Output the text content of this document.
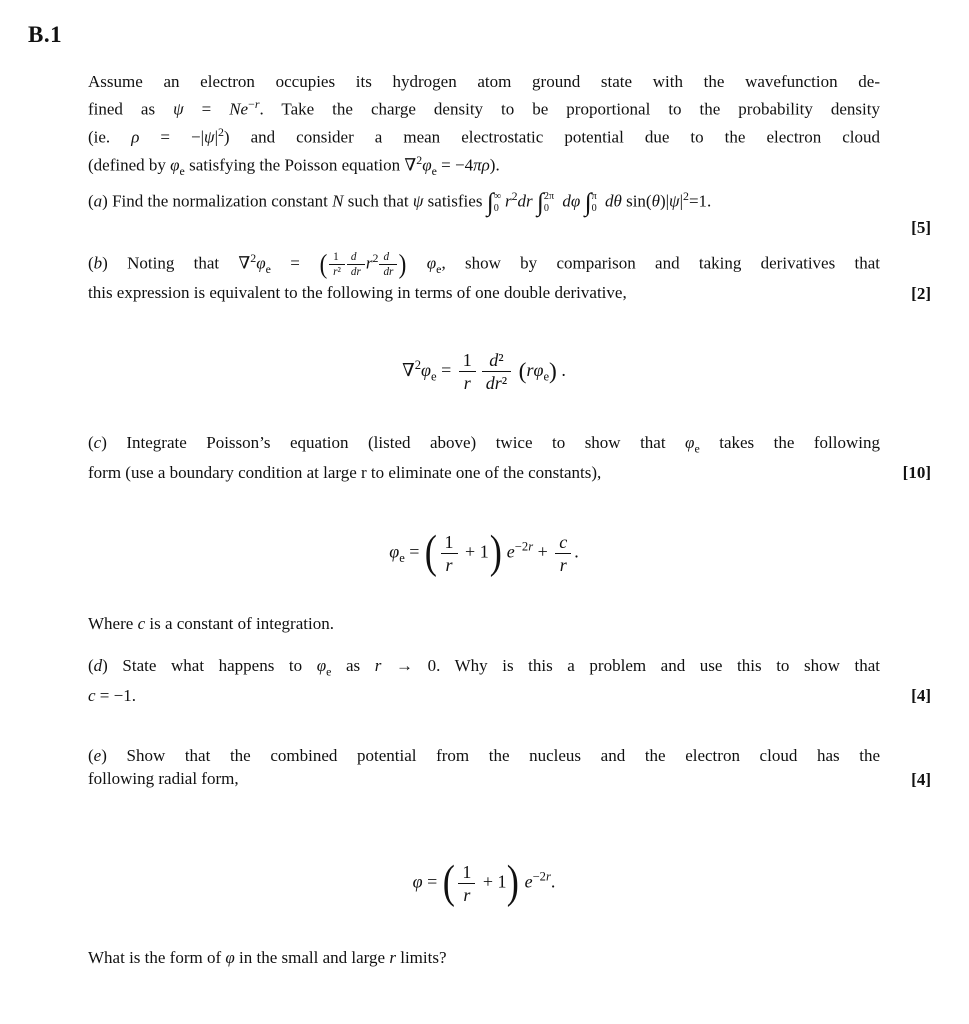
B.1
Assume an electron occupies its hydrogen atom ground state with the wavefunction de-
fined as $\psi = Ne^{-r}$. Take the charge density to be proportional to the probability density
(ie. $\rho = -|\psi|^2$) and consider a mean electrostatic potential due to the electron cloud
(defined by $\varphi_e$ satisfying the Poisson equation $\nabla^2\varphi_e = -4\pi\rho$).
(a) Find the normalization constant N such that ψ satisfies ∫ ∞
0 $r^2dr$ ∫ 2π
0 dφ ∫ π
0 dθ $\sin(\theta)|\psi|^2=1$.
[5]
(b) Noting that $\nabla^2\varphi_e$ = ( $\frac{1}{\text{r²}} \frac{d}{dr} r^2 \frac{d}{dr}$ ) $\varphi_e$, show by comparison and taking derivatives that
this expression is equivalent to the following in terms of one double derivative,	[2]
$\nabla^2\varphi_e = \frac{1}{r} \frac{\text{d²}}{\text{dr²}} (r\varphi_e)$ .
(c) Integrate Poisson’s equation (listed above) twice to show that $\varphi_e$ takes the following
form (use a boundary condition at large r to eliminate one of the constants),	[10]
$\varphi_e$ = ( $\frac{1}{r} + 1$) $e^{-2r} + \frac{c}{r}$ .
Where c is a constant of integration.
(d) State what happens to $\varphi_e$ as r → 0. Why is this a problem and use this to show that
c = −1.	[4]
(e) Show that the combined potential from the nucleus and the electron cloud has the
following radial form,	[4]
φ = ( $\frac{1}{r} + 1$) $e^{-2r}$.
What is the form of φ in the small and large r limits?
